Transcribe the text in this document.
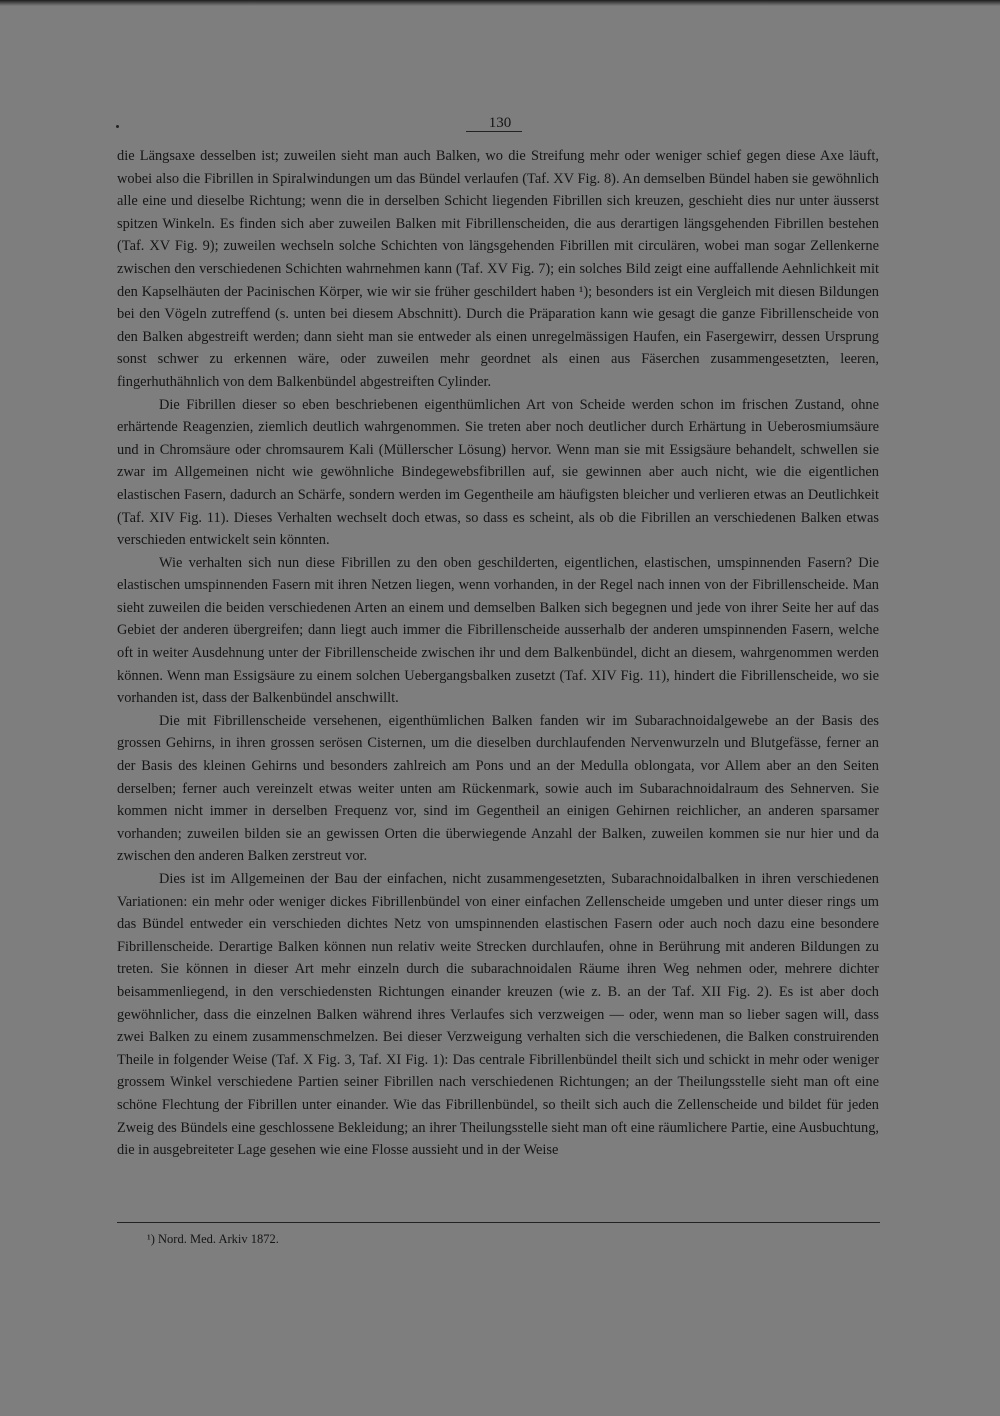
130

die Längsaxe desselben ist; zuweilen sieht man auch Balken, wo die Streifung mehr oder weniger schief gegen diese Axe läuft, wobei also die Fibrillen in Spiralwindungen um das Bündel verlaufen (Taf. XV Fig. 8). An demselben Bündel haben sie gewöhnlich alle eine und dieselbe Richtung; wenn die in derselben Schicht liegenden Fibrillen sich kreuzen, geschieht dies nur unter äusserst spitzen Winkeln. Es finden sich aber zuweilen Balken mit Fibrillenscheiden, die aus derartigen längsgehenden Fibrillen bestehen (Taf. XV Fig. 9); zuweilen wechseln solche Schichten von längsgehenden Fibrillen mit circulären, wobei man sogar Zellenkerne zwischen den verschiedenen Schichten wahrnehmen kann (Taf. XV Fig. 7); ein solches Bild zeigt eine auffallende Aehnlichkeit mit den Kapselhäuten der Pacinischen Körper, wie wir sie früher geschildert haben ¹); besonders ist ein Vergleich mit diesen Bildungen bei den Vögeln zutreffend (s. unten bei diesem Abschnitt). Durch die Präparation kann wie gesagt die ganze Fibrillenscheide von den Balken abgestreift werden; dann sieht man sie entweder als einen unregelmässigen Haufen, ein Fasergewirr, dessen Ursprung sonst schwer zu erkennen wäre, oder zuweilen mehr geordnet als einen aus Fäserchen zusammengesetzten, leeren, fingerhuthähnlich von dem Balkenbündel abgestreiften Cylinder.

Die Fibrillen dieser so eben beschriebenen eigenthümlichen Art von Scheide werden schon im frischen Zustand, ohne erhärtende Reagenzien, ziemlich deutlich wahrgenommen. Sie treten aber noch deutlicher durch Erhärtung in Ueberosmiumsäure und in Chromsäure oder chromsaurem Kali (Müllerscher Lösung) hervor. Wenn man sie mit Essigsäure behandelt, schwellen sie zwar im Allgemeinen nicht wie gewöhnliche Bindegewebsfibrillen auf, sie gewinnen aber auch nicht, wie die eigentlichen elastischen Fasern, dadurch an Schärfe, sondern werden im Gegentheile am häufigsten bleicher und verlieren etwas an Deutlichkeit (Taf. XIV Fig. 11). Dieses Verhalten wechselt doch etwas, so dass es scheint, als ob die Fibrillen an verschiedenen Balken etwas verschieden entwickelt sein könnten.

Wie verhalten sich nun diese Fibrillen zu den oben geschilderten, eigentlichen, elastischen, umspinnenden Fasern? Die elastischen umspinnenden Fasern mit ihren Netzen liegen, wenn vorhanden, in der Regel nach innen von der Fibrillenscheide. Man sieht zuweilen die beiden verschiedenen Arten an einem und demselben Balken sich begegnen und jede von ihrer Seite her auf das Gebiet der anderen übergreifen; dann liegt auch immer die Fibrillenscheide ausserhalb der anderen umspinnenden Fasern, welche oft in weiter Ausdehnung unter der Fibrillenscheide zwischen ihr und dem Balkenbündel, dicht an diesem, wahrgenommen werden können. Wenn man Essigsäure zu einem solchen Uebergangsbalken zusetzt (Taf. XIV Fig. 11), hindert die Fibrillenscheide, wo sie vorhanden ist, dass der Balkenbündel anschwillt.

Die mit Fibrillenscheide versehenen, eigenthümlichen Balken fanden wir im Subarachnoidalgewebe an der Basis des grossen Gehirns, in ihren grossen serösen Cisternen, um die dieselben durchlaufenden Nervenwurzeln und Blutgefässe, ferner an der Basis des kleinen Gehirns und besonders zahlreich am Pons und an der Medulla oblongata, vor Allem aber an den Seiten derselben; ferner auch vereinzelt etwas weiter unten am Rückenmark, sowie auch im Subarachnoidalraum des Sehnerven. Sie kommen nicht immer in derselben Frequenz vor, sind im Gegentheil an einigen Gehirnen reichlicher, an anderen sparsamer vorhanden; zuweilen bilden sie an gewissen Orten die überwiegende Anzahl der Balken, zuweilen kommen sie nur hier und da zwischen den anderen Balken zerstreut vor.

Dies ist im Allgemeinen der Bau der einfachen, nicht zusammengesetzten, Subarachnoidalbalken in ihren verschiedenen Variationen: ein mehr oder weniger dickes Fibrillenbündel von einer einfachen Zellenscheide umgeben und unter dieser rings um das Bündel entweder ein verschieden dichtes Netz von umspinnenden elastischen Fasern oder auch noch dazu eine besondere Fibrillenscheide. Derartige Balken können nun relativ weite Strecken durchlaufen, ohne in Berührung mit anderen Bildungen zu treten. Sie können in dieser Art mehr einzeln durch die subarachnoidalen Räume ihren Weg nehmen oder, mehrere dichter beisammenliegend, in den verschiedensten Richtungen einander kreuzen (wie z. B. an der Taf. XII Fig. 2). Es ist aber doch gewöhnlicher, dass die einzelnen Balken während ihres Verlaufes sich verzweigen — oder, wenn man so lieber sagen will, dass zwei Balken zu einem zusammenschmelzen. Bei dieser Verzweigung verhalten sich die verschiedenen, die Balken construirenden Theile in folgender Weise (Taf. X Fig. 3, Taf. XI Fig. 1): Das centrale Fibrillenbündel theilt sich und schickt in mehr oder weniger grossem Winkel verschiedene Partien seiner Fibrillen nach verschiedenen Richtungen; an der Theilungsstelle sieht man oft eine schöne Flechtung der Fibrillen unter einander. Wie das Fibrillenbündel, so theilt sich auch die Zellenscheide und bildet für jeden Zweig des Bündels eine geschlossene Bekleidung; an ihrer Theilungsstelle sieht man oft eine räumlichere Partie, eine Ausbuchtung, die in ausgebreiteter Lage gesehen wie eine Flosse aussieht und in der Weise

¹) Nord. Med. Arkiv 1872.
